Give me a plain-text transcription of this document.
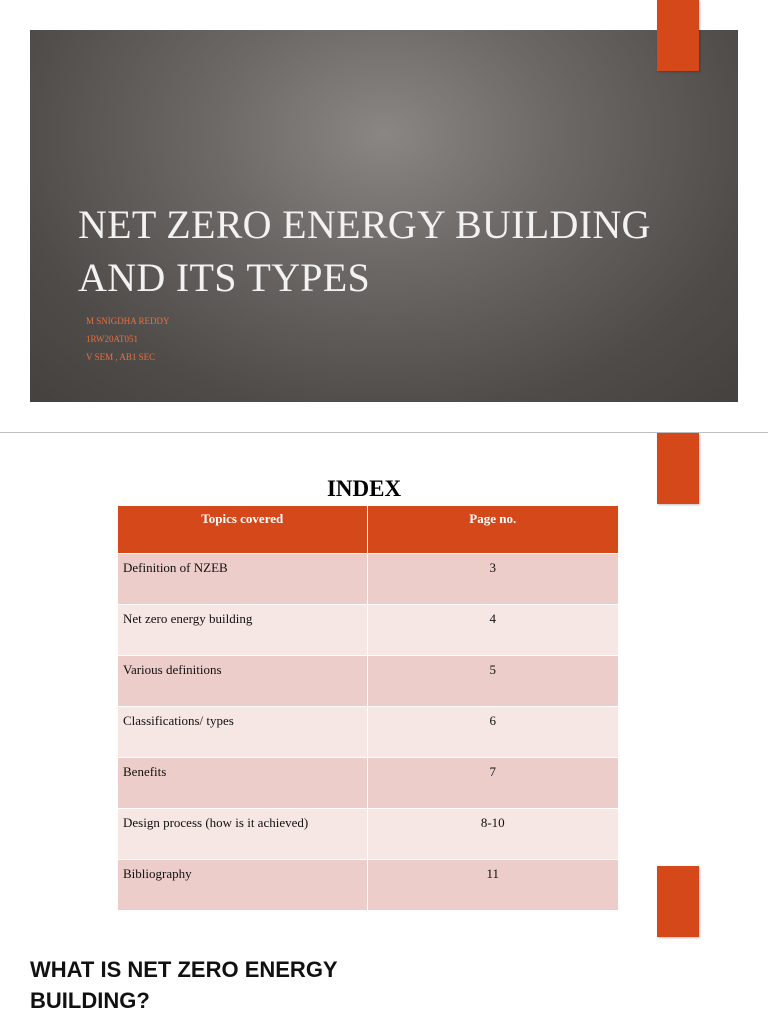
NET ZERO ENERGY BUILDING AND ITS TYPES
M SNIGDHA REDDY
1RW20AT051
V SEM , AB1 SEC
INDEX
Topics covered	Page no.
Definition of NZEB	3
Net zero energy building	4
Various definitions	5
Classifications/ types	6
Benefits	7
Design process (how is it achieved)	8-10
Bibliography	11
WHAT IS NET ZERO ENERGY BUILDING?
